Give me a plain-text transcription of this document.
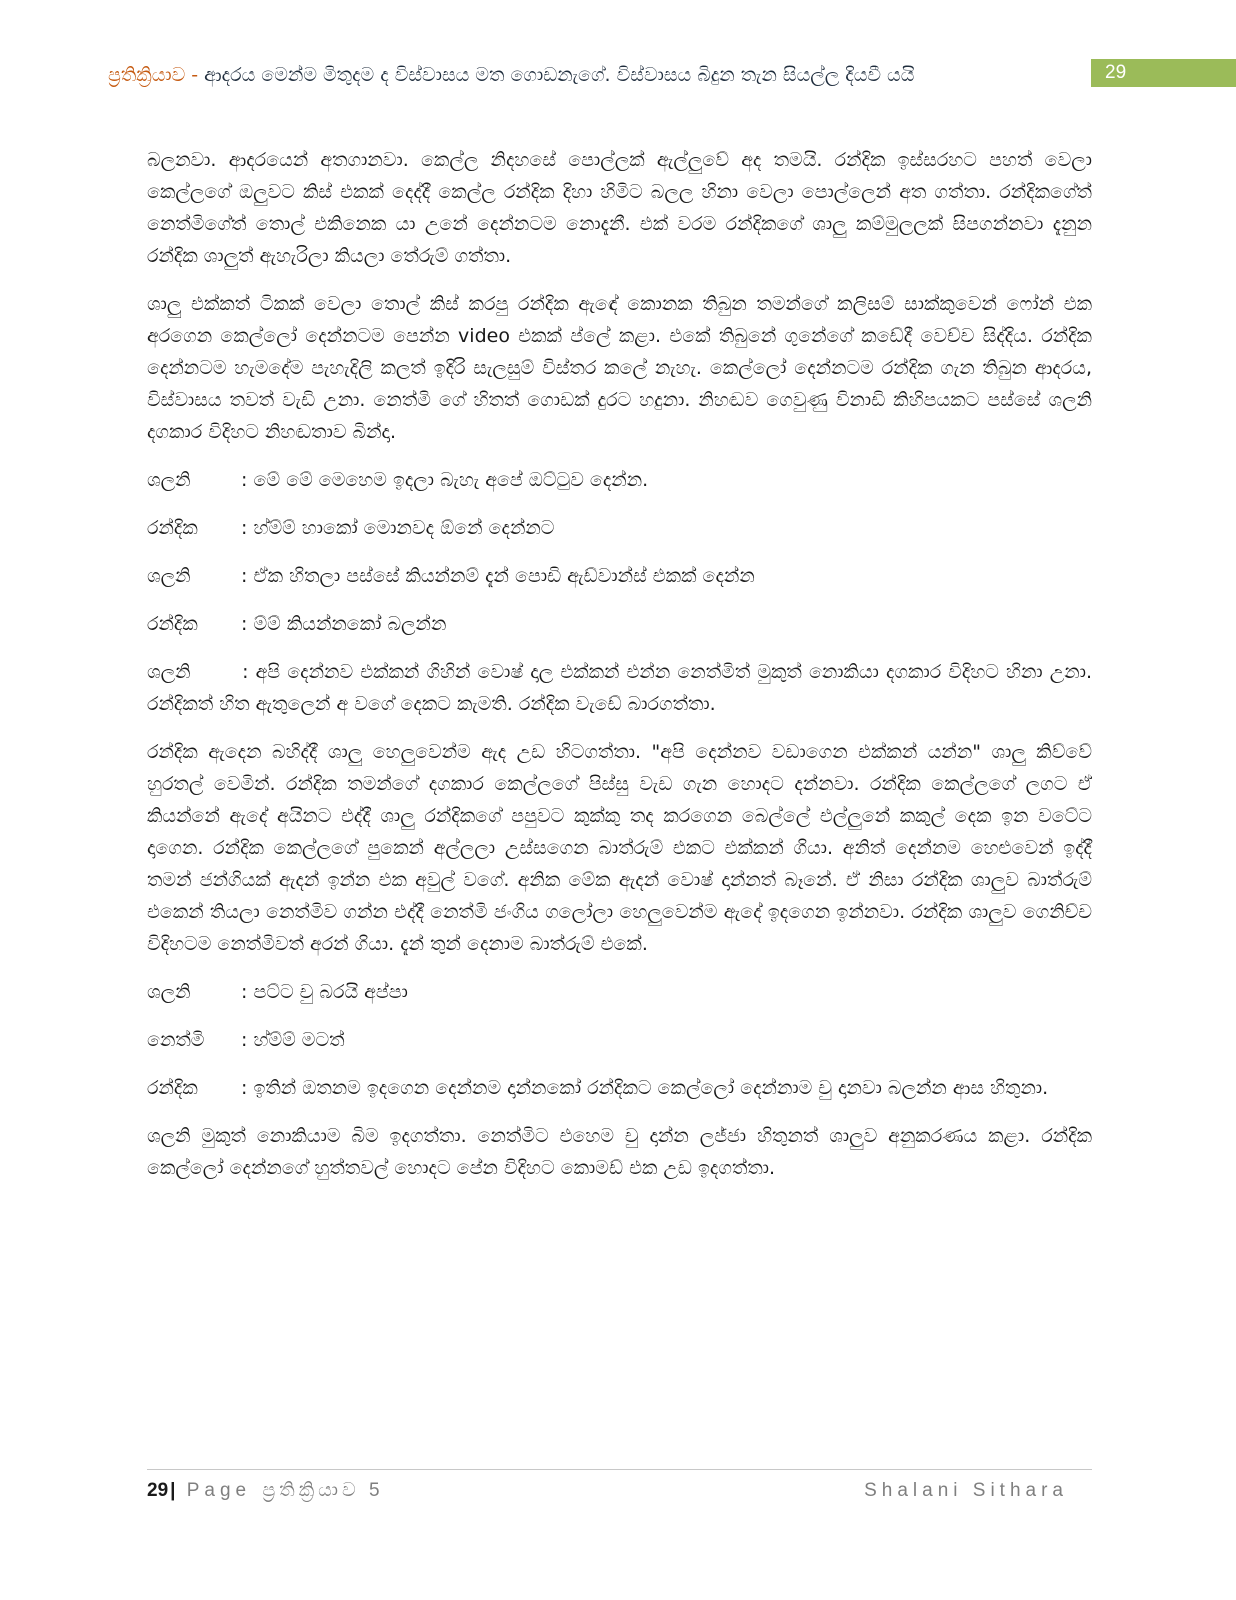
ප්‍රතික්‍රියාව - ආදරය මෙන්ම මිතුදම ද විස්වාසය මත ගොඩනැගේ. විස්වාසය බිදුන තැන සියල්ල දියවී යයි	29

බලනවා. ආදරයෙන් අතගානවා. කෙල්ල නිදහසේ පොල්ලක් ඇල්ලුවේ අද තමයි. රන්දික ඉස්සරහට පහත් වෙලා කෙල්ලගේ ඔලුවට කිස් එකක් දෙද්දී කෙල්ල රන්දික දිහා හිමිට බලල හිනා වෙලා පොල්ලෙන් අත ගත්තා. රන්දිකගේත් නෙත්මිගේත් තොල් එකිනෙක යා උනේ දෙන්නටම නොදැනී. එක් වරම රන්දිකගේ ශාලු කම්මුලලක් සිපගන්නවා දැනුන රන්දික ශාලුත් ඇහැරිලා කියලා තේරුම් ගත්තා.

ශාලු එක්කත් ටිකක් වෙලා තොල් කිස් කරපු රන්දික ඇඳේ කොනක තිබුන තමන්ගේ කලිසම් සාක්කුවෙන් ෆෝන් එක අරගෙන කෙල්ලෝ දෙන්නටම පෙන්න video එකක් ප්ලේ කළා. එකේ තිබුනේ ගුනේගේ කඩේදී වෙච්ච සිද්දිය. රන්දික දෙන්නටම හැමදේම පැහැදිලි කලත් ඉදිරි සැලසුම් විස්තර කලේ නැහැ. කෙල්ලෝ දෙන්නටම රන්දික ගැන තිබුන ආදරය, විස්වාසය තවත් වැඩි උනා. නෙත්මි ගේ හිතත් ගොඩක් දුරට හදුනා. නිහඬව ගෙවුණු විනාඩි කිහිපයකට පස්සේ ශලනි දගකාර විදිහට නිහඬතාව බින්දා.

ශලනි	: මේ මේ මෙහෙම ඉදලා බැහැ අපේ ඔට්ටුව දෙන්න.
රන්දික : හ්ම්ම් හාකෝ මොනවද ඕනේ දෙන්නට
ශලනි	: ඒක හිතලා පස්සේ කියන්නම් දැන් පොඩි ඇඩ්වාන්ස් එකක් දෙන්න
රන්දික : ම්ම් කියන්නකෝ බලන්න
ශලනි	: අපි දෙන්නව එක්කන් ගිහින් වොෂ් දාල එක්කන් එන්න නෙත්මිත් මුකුත් නොකියා දගකාර විදිහට හිනා උනා. රන්දිකත් හිත ඇතුලෙන් අ වගේ දෙකට කැමති. රන්දික වැඩේ බාරගත්තා.

රන්දික ඇදෙන බහිද්දී ශාලු හෙලුවෙන්ම ඇද උඩ හිටගත්තා. "අපි දෙන්නව වඩාගෙන එක්කන් යන්න" ශාලු කිව්වේ හුරතල් වෙමින්. රන්දික තමන්ගේ දගකාර කෙල්ලගේ පිස්සු වැඩ ගැන හොදට දන්නවා. රන්දික කෙල්ලගේ ලගට ඒ කියන්නේ ඇදේ අයිනට එද්දී ශාලු රන්දිකගේ පපුවට කුක්කු තද කරගෙන බෙල්ලේ එල්ලුනේ කකුල් දෙක ඉන වටේට දාගෙන. රන්දික කෙල්ලගේ පුකෙන් අල්ලලා උස්සගෙන බාත්රුම් එකට එක්කන් ගියා. අනිත් දෙන්නම හෙළුවෙන් ඉද්දී තමන් ජන්ගියක් ඇදන් ඉන්න එක අවුල් වගේ. අනික මේක ඇදන් වොෂ් දාන්නත් බෑනේ. ඒ නිසා රන්දික ශාලුව බාත්රුම් එකෙන් තියලා නෙත්මිව ගන්න එද්දී නෙත්මි ජංගිය ගලෝලා හෙලුවෙන්ම ඇදේ ඉදගෙන ඉන්නවා. රන්දික ශාලුව ගෙනිච්ච විදිහටම නෙත්මිවත් අරන් ගියා. දැන් තුන් දෙනාම බාත්රුම් එකේ.

ශලනි	: පට්ට චු බරයි අප්පා
නෙත්මි : හ්ම්ම් මටත්
රන්දික : ඉතින් ඔතනම ඉදගෙන දෙන්නම දාන්නකෝ රන්දිකට කෙල්ලෝ දෙන්නාම චු දානවා බලන්න ආස හිතුනා.

ශලනි මුකුත් නොකියාම බිම ඉදගත්තා. නෙත්මිට එහෙම චු දාන්න ලජ්ජා හිතුනත් ශාලුව අනුකරණය කළා. රන්දික කෙල්ලෝ දෙන්නගේ හුත්තවල් හොදට පේන විදිහට කොමඩ් එක උඩ ඉදගත්තා.

29 | Page ප්‍රතික්‍රියාව 5	Shalani Sithara
